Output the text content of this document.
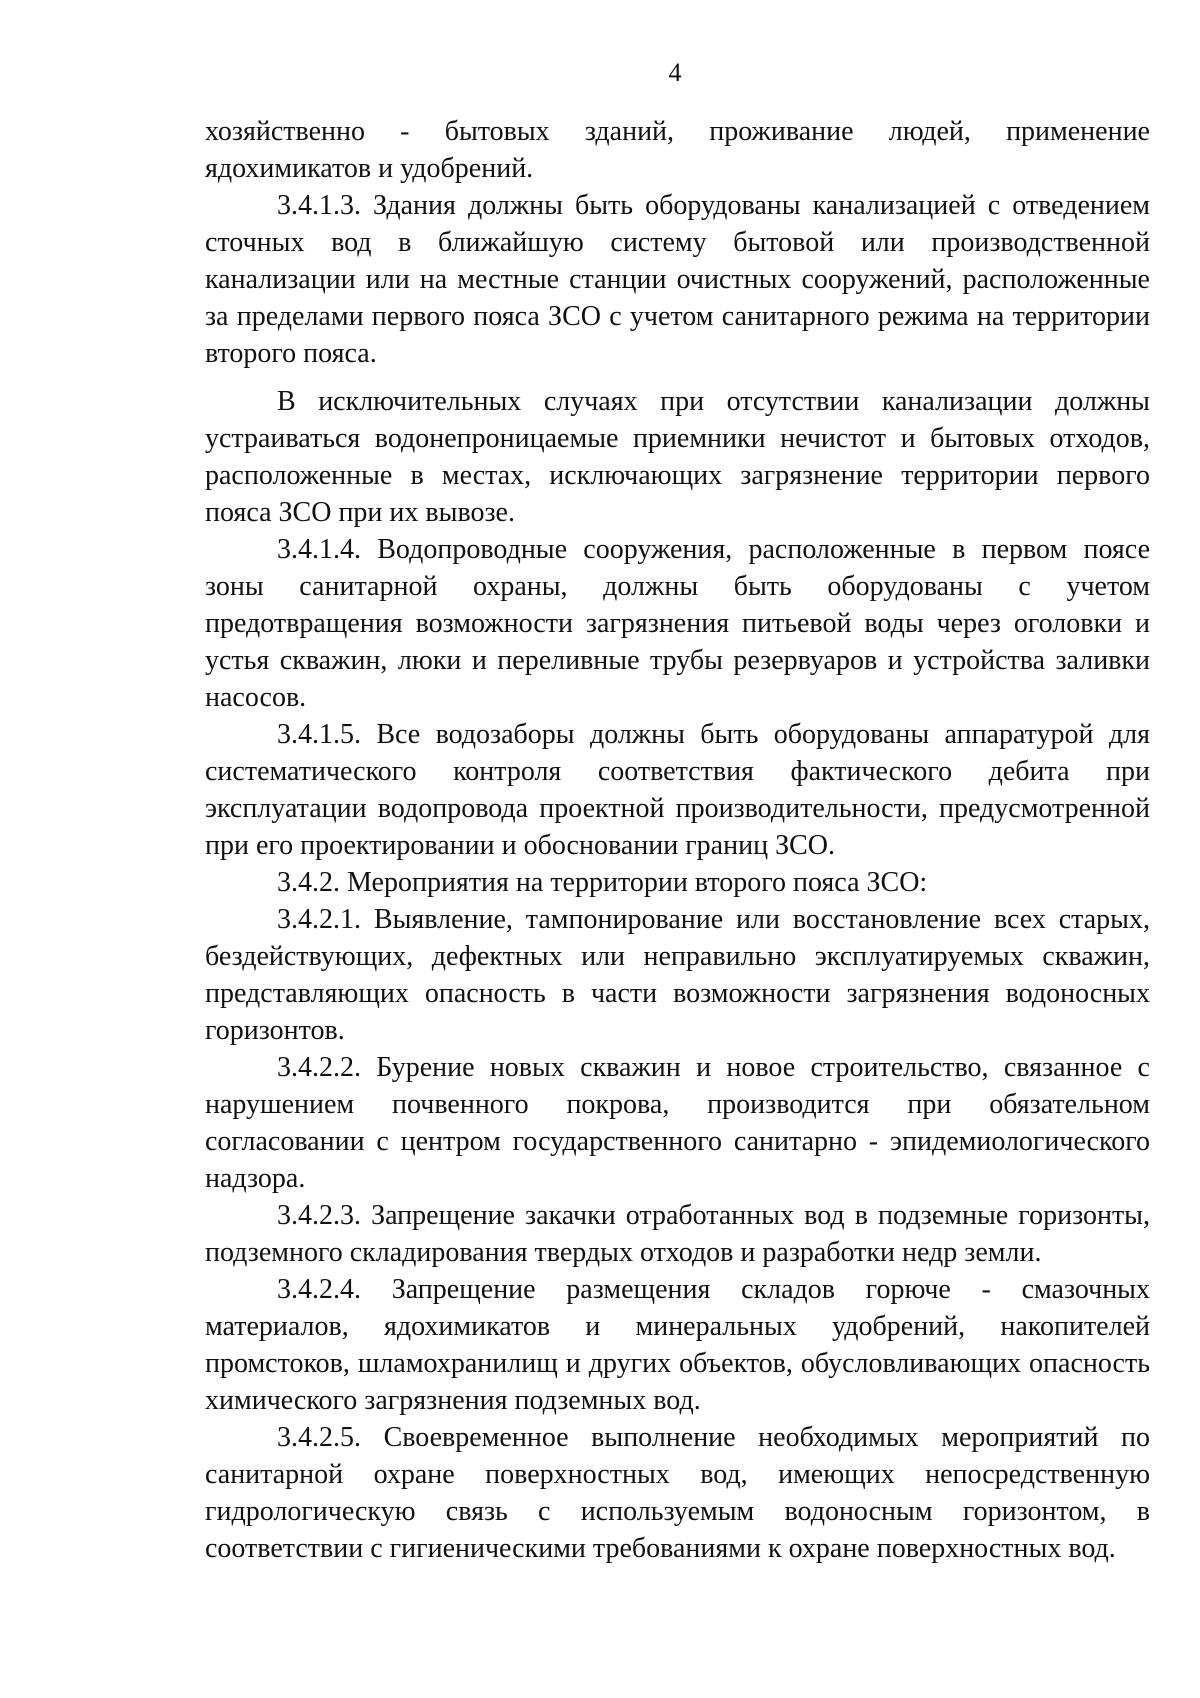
4

хозяйственно - бытовых зданий, проживание людей, применение ядохимикатов и удобрений.

3.4.1.3. Здания должны быть оборудованы канализацией с отведением сточных вод в ближайшую систему бытовой или производственной канализации или на местные станции очистных сооружений, расположенные за пределами первого пояса ЗСО с учетом санитарного режима на территории второго пояса.

В исключительных случаях при отсутствии канализации должны устраиваться водонепроницаемые приемники нечистот и бытовых отходов, расположенные в местах, исключающих загрязнение территории первого пояса ЗСО при их вывозе.

3.4.1.4. Водопроводные сооружения, расположенные в первом поясе зоны санитарной охраны, должны быть оборудованы с учетом предотвращения возможности загрязнения питьевой воды через оголовки и устья скважин, люки и переливные трубы резервуаров и устройства заливки насосов.

3.4.1.5. Все водозаборы должны быть оборудованы аппаратурой для систематического контроля соответствия фактического дебита при эксплуатации водопровода проектной производительности, предусмотренной при его проектировании и обосновании границ ЗСО.

3.4.2. Мероприятия на территории второго пояса ЗСО:

3.4.2.1. Выявление, тампонирование или восстановление всех старых, бездействующих, дефектных или неправильно эксплуатируемых скважин, представляющих опасность в части возможности загрязнения водоносных горизонтов.

3.4.2.2. Бурение новых скважин и новое строительство, связанное с нарушением почвенного покрова, производится при обязательном согласовании с центром государственного санитарно - эпидемиологического надзора.

3.4.2.3. Запрещение закачки отработанных вод в подземные горизонты, подземного складирования твердых отходов и разработки недр земли.

3.4.2.4. Запрещение размещения складов горюче - смазочных материалов, ядохимикатов и минеральных удобрений, накопителей промстоков, шламохранилищ и других объектов, обусловливающих опасность химического загрязнения подземных вод.

3.4.2.5. Своевременное выполнение необходимых мероприятий по санитарной охране поверхностных вод, имеющих непосредственную гидрологическую связь с используемым водоносным горизонтом, в соответствии с гигиеническими требованиями к охране поверхностных вод.
